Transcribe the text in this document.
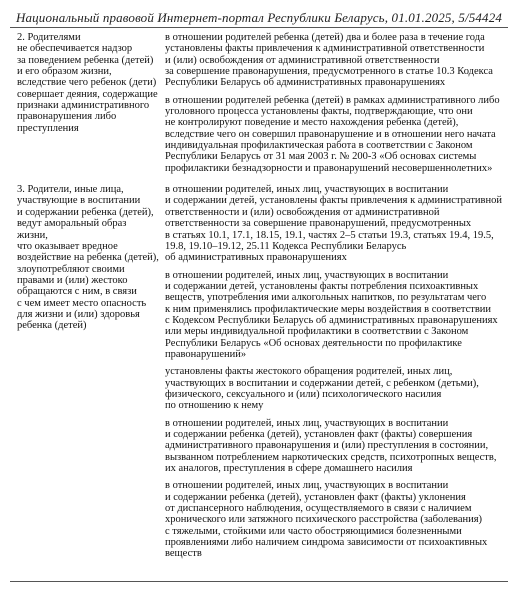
Национальный правовой Интернет-портал Республики Беларусь, 01.01.2025, 5/54424
2. Родителями
не обеспечивается надзор
за поведением ребенка (детей)
и его образом жизни,
вследствие чего ребенок (дети)
совершает деяния, содержащие
признаки административного
правонарушения либо
преступления
в отношении родителей ребенка (детей) два и более раза в течение года
установлены факты привлечения к административной ответственности
и (или) освобождения от административной ответственности
за совершение правонарушения, предусмотренного в статье 10.3 Кодекса
Республики Беларусь об административных правонарушениях
в отношении родителей ребенка (детей) в рамках административного либо
уголовного процесса установлены факты, подтверждающие, что они
не контролируют поведение и место нахождения ребенка (детей),
вследствие чего он совершил правонарушение и в отношении него начата
индивидуальная профилактическая работа в соответствии с Законом
Республики Беларусь от 31 мая 2003 г. № 200-З «Об основах системы
профилактики безнадзорности и правонарушений несовершеннолетних»
3. Родители, иные лица,
участвующие в воспитании
и содержании ребенка (детей),
ведут аморальный образ жизни,
что оказывает вредное
воздействие на ребенка (детей),
злоупотребляют своими
правами и (или) жестоко
обращаются с ним, в связи
с чем имеет место опасность
для жизни и (или) здоровья
ребенка (детей)
в отношении родителей, иных лиц, участвующих в воспитании
и содержании детей, установлены факты привлечения к административной
ответственности и (или) освобождения от административной
ответственности за совершение правонарушений, предусмотренных
в статьях 10.1, 17.1, 18.15, 19.1, частях 2–5 статьи 19.3, статьях 19.4, 19.5,
19.8, 19.10–19.12, 25.11 Кодекса Республики Беларусь
об административных правонарушениях
в отношении родителей, иных лиц, участвующих в воспитании
и содержании детей, установлены факты потребления психоактивных
веществ, употребления ими алкогольных напитков, по результатам чего
к ним применялись профилактические меры воздействия в соответствии
с Кодексом Республики Беларусь об административных правонарушениях
или меры индивидуальной профилактики в соответствии с Законом
Республики Беларусь «Об основах деятельности по профилактике
правонарушений»
установлены факты жестокого обращения родителей, иных лиц,
участвующих в воспитании и содержании детей, с ребенком (детьми),
физического, сексуального и (или) психологического насилия
по отношению к нему
в отношении родителей, иных лиц, участвующих в воспитании
и содержании ребенка (детей), установлен факт (факты) совершения
административного правонарушения и (или) преступления в состоянии,
вызванном потреблением наркотических средств, психотропных веществ,
их аналогов, преступления в сфере домашнего насилия
в отношении родителей, иных лиц, участвующих в воспитании
и содержании ребенка (детей), установлен факт (факты) уклонения
от диспансерного наблюдения, осуществляемого в связи с наличием
хронического или затяжного психического расстройства (заболевания)
с тяжелыми, стойкими или часто обостряющимися болезненными
проявлениями либо наличием синдрома зависимости от психоактивных
веществ
